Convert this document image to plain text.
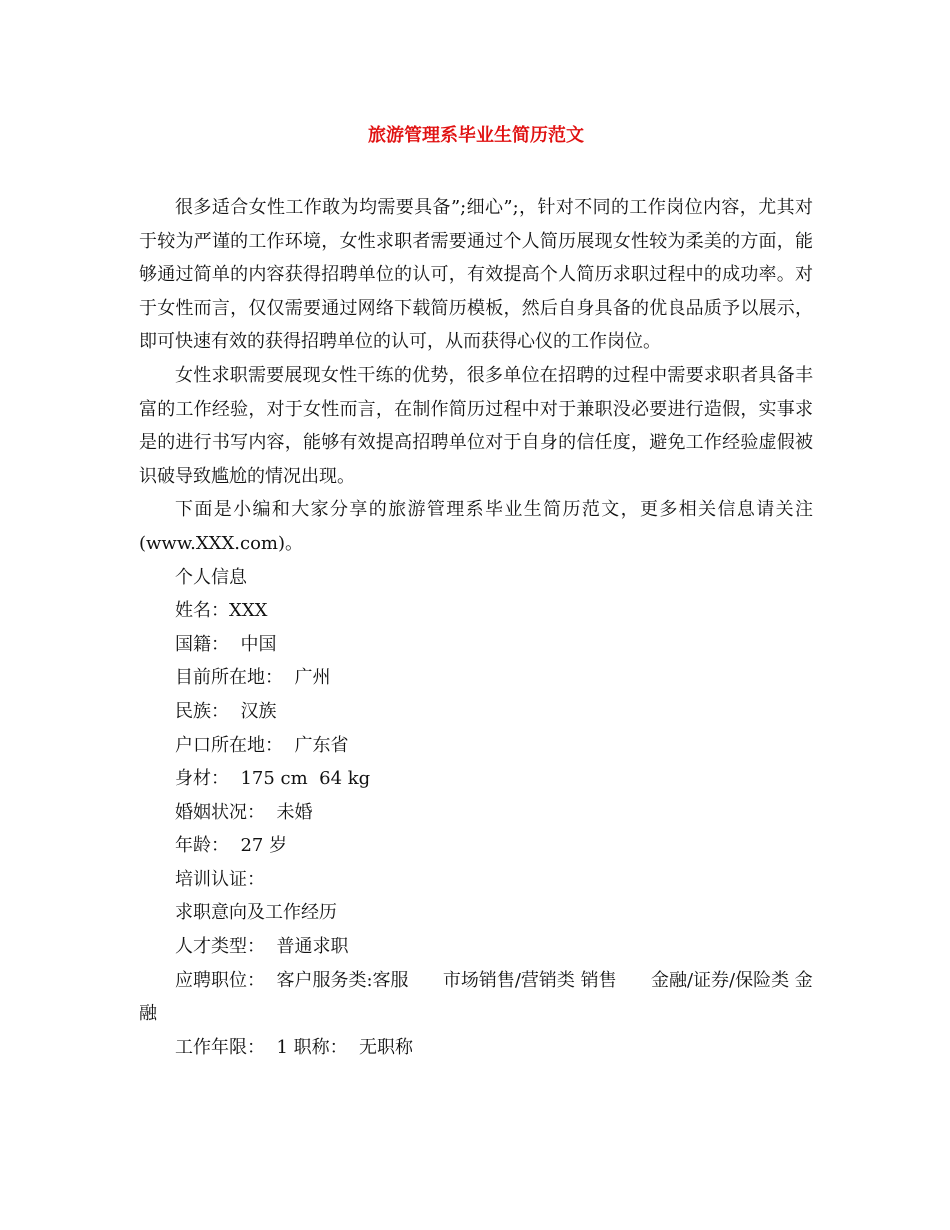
旅游管理系毕业生简历范文

很多适合女性工作敢为均需要具备”;细心”;，针对不同的工作岗位内容，尤其对于较为严谨的工作环境，女性求职者需要通过个人简历展现女性较为柔美的方面，能够通过简单的内容获得招聘单位的认可，有效提高个人简历求职过程中的成功率。对于女性而言，仅仅需要通过网络下载简历模板，然后自身具备的优良品质予以展示，即可快速有效的获得招聘单位的认可，从而获得心仪的工作岗位。

女性求职需要展现女性干练的优势，很多单位在招聘的过程中需要求职者具备丰富的工作经验，对于女性而言，在制作简历过程中对于兼职没必要进行造假，实事求是的进行书写内容，能够有效提高招聘单位对于自身的信任度，避免工作经验虚假被识破导致尴尬的情况出现。

下面是小编和大家分享的旅游管理系毕业生简历范文，更多相关信息请关注(www.XXX.com)。

个人信息

姓名：XXX

国籍：  中国

目前所在地：  广州

民族：  汉族

户口所在地：  广东省

身材：  175 cm  64 kg

婚姻状况：  未婚

年龄：  27 岁

培训认证：

求职意向及工作经历

人才类型：  普通求职

应聘职位：  客户服务类:客服      市场销售/营销类 销售      金融/证券/保险类 金融

工作年限：  1 职称：  无职称
